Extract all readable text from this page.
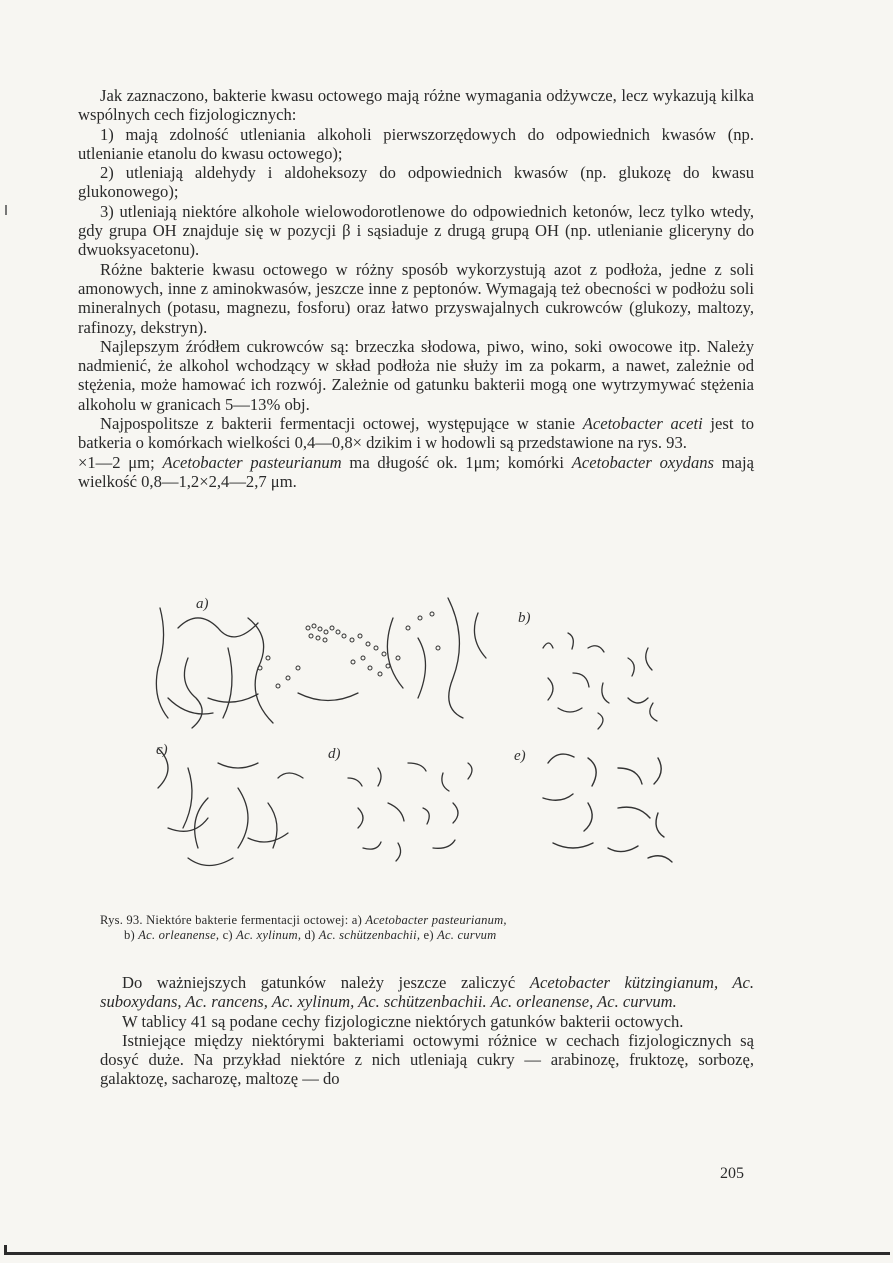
Jak zaznaczono, bakterie kwasu octowego mają różne wymagania odżywcze, lecz wykazują kilka wspólnych cech fizjologicznych:

1) mają zdolność utleniania alkoholi pierwszorzędowych do odpowiednich kwasów (np. utlenianie etanolu do kwasu octowego);

2) utleniają aldehydy i aldoheksozy do odpowiednich kwasów (np. glukozę do kwasu glukonowego);

3) utleniają niektóre alkohole wielowodorotlenowe do odpowiednich ketonów, lecz tylko wtedy, gdy grupa OH znajduje się w pozycji β i sąsiaduje z drugą grupą OH (np. utlenianie gliceryny do dwuoksyacetonu).

Różne bakterie kwasu octowego w różny sposób wykorzystują azot z podłoża, jedne z soli amonowych, inne z aminokwasów, jeszcze inne z peptonów. Wymagają też obecności w podłożu soli mineralnych (potasu, magnezu, fosforu) oraz łatwo przyswajalnych cukrowców (glukozy, maltozy, rafinozy, dekstryn).

Najlepszym źródłem cukrowców są: brzeczka słodowa, piwo, wino, soki owocowe itp. Należy nadmienić, że alkohol wchodzący w skład podłoża nie służy im za pokarm, a nawet, zależnie od stężenia, może hamować ich rozwój. Zależnie od gatunku bakterii mogą one wytrzymywać stężenia alkoholu w granicach 5—13% obj.

Najpospolitsze z bakterii fermentacji octowej, występujące w stanie Acetobacter aceti jest to batkeria o komórkach wielkości 0,4—0,8× dzikim i w hodowli są przedstawione na rys. 93.

×1—2 μm; Acetobacter pasteurianum ma długość ok. 1μm; komórki Acetobacter oxydans mają wielkość 0,8—1,2×2,4—2,7 μm.

a)
b)
c)	d)	e)
Rys. 93. Niektóre bakterie fermentacji octowej: a) Acetobacter pasteurianum,
b) Ac. orleanense, c) Ac. xylinum, d) Ac. schützenbachii, e) Ac. curvum

Do ważniejszych gatunków należy jeszcze zaliczyć Acetobacter kützingianum, Ac. suboxydans, Ac. rancens, Ac. xylinum, Ac. schützenbachii. Ac. orleanense, Ac. curvum.

W tablicy 41 są podane cechy fizjologiczne niektórych gatunków bakterii octowych.

Istniejące między niektórymi bakteriami octowymi różnice w cechach fizjologicznych są dosyć duże. Na przykład niektóre z nich utleniają cukry — arabinozę, fruktozę, sorbozę, galaktozę, sacharozę, maltozę — do

205
